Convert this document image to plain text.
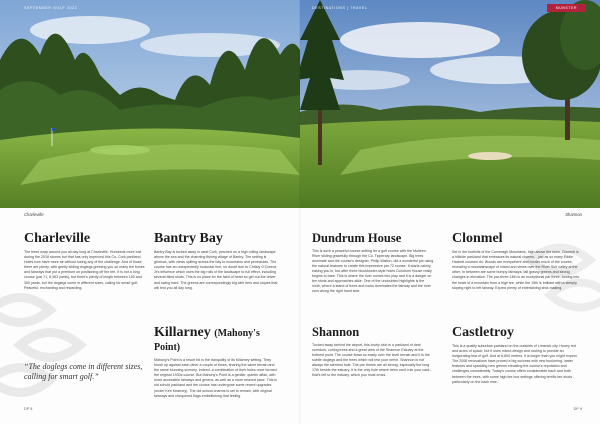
SEPTEMBER GOLF 2022	DESTINATIONS | TRAVEL	MUNSTER
Charleville	Shannon
Charleville

The trees wrap around you all day long at Charleville. Hundreds more lost during the 2018 storms but that has only improved this Co. Cork parkland. Holes now have more air without losing any of the challenge. And of those there are plenty, with gently sliding doglegs greeting you on many tee boxes and fairways that put a premium on positioning off the tee. It is not a long course (par 71, 6,463 yards), but there's plenty of length between 150 and 300 yards, but the doglegs come in different sizes, calling for smart golf. Peaceful, enchanting and rewarding.

Bantry Bay

Bantry Bay is tucked away in west Cork, perched on a high rolling landscape above the sea and the charming fishing village of Bantry. The setting is glorious, with views spilling across the bay to mountains and peninsulas. The course has an unexpectedly muscular feel, no doubt due to Christy O'Connor Jr's influence which uses the big rolls of the landscape to full effect, including several blind shots. This is no place for the faint of heart so get out the driver and swing hard. The greens are correspondingly big with tiers and slopes that will test you all day long.

Dundrum House

This is such a peaceful course setting for a golf course with the Multeen River sliding gracefully through the Co. Tipperary landscape. Big trees dominate and the course's designer, Philip Walton, did a wonderful job using the natural features to create this impressive par 72 course. It starts calmly, easing you in, but after three blockbuster-style holes Dundrum House really begins to bare. This is where the river comes into play and it is a danger on tee shots and approaches alike. One of the undoubted highlights is the ninth, where a stand of trees and rocks dominates the fairway and the river runs along the right hand side.

Clonmel

Set in the foothills of the Comeragh Mountains, high above the town, Clonmel is a hillside parkland that embraces its natural charms... just as so many Eddie Hackett courses do. Woods are everywhere and border much of the course, revealing a mountainscape of mixed and views over the River Suir valley at the other. In between are some bumpy fairways, tall grassy greens and strong changes in elevation. The par-three 14th is an exceptional par three, forcing into the heart of a mountain from a high tee, while the 15th is brilliant with a steeply sloping right to left fairway. Expect plenty of entertaining shot-making.

Killarney (Mahony's Point)

Mahony's Point is a resort hit in the tranquility of its Killarney setting. They brush up against each other a couple of times, sharing the same terrain and the same stunning scenery. Indeed, a combination of their holes once formed the original 1930s course. But Mahony's Point is a gentler, quieter affair, with more accessible fairways and greens, as well as a more relaxed pace. This is old school parkland and the course has undergone some recent upgrades (under Ken Kearney). The old school charms is set to remain, with original fairways and chequered flags embellishing that feeling.

Shannon

Tucked away behind the airport, this lovely club is a parkland of dark corridors, curling trees and a great view of the Shannon Estuary at the furthest point. The course flows so easily over the level terrain and it is the subtle doglegs and the trees which will test your nerve. Shannon is not always the sternest hole. The par threes are all strong, especially the long 17th beside the estuary. It is the only hole where trees can't ruin your card... that's left to the estuary, which you must cross.

Castletroy

This is a quality suburban parkland on the outskirts of Limerick city. Honey red and acres of space, but it uses mixed design and routing to provide an invigorating test of golf. And at 6,800 metres, it is longer than you might expect. The 2006 renovations have proved a big success with new bunkering, water features and sparkling new greens elevating the course's reputation and challenges considerably. Today's course offers considerable back and forth between the trees, with some high tee box settings offering terrific tee shots - particularly on the back nine.

“The doglegs come in different sizes, calling for smart golf.”
DP 8	DP 9
